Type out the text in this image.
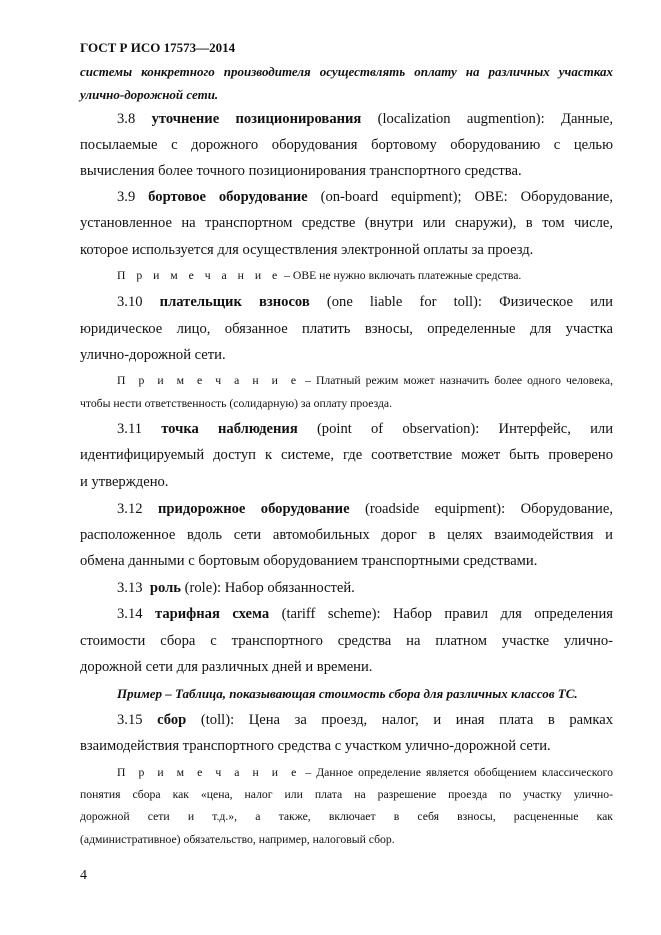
ГОСТ Р ИСО 17573—2014
системы конкретного производителя осуществлять оплату на различных участках
улично-дорожной сети.
3.8 уточнение позиционирования (localization augmention): Данные,
посылаемые с дорожного оборудования бортовому оборудованию с целью
вычисления более точного позиционирования транспортного средства.
3.9 бортовое оборудование (on-board equipment); OBE: Оборудование,
установленное на транспортном средстве (внутри или снаружи), в том числе,
которое используется для осуществления электронной оплаты за проезд.
П р и м е ч а н и е – OBE не нужно включать платежные средства.
3.10 плательщик взносов (one liable for toll): Физическое или
юридическое лицо, обязанное платить взносы, определенные для участка
улично-дорожной сети.
П р и м е ч а н и е – Платный режим может назначить более одного человека,
чтобы нести ответственность (солидарную) за оплату проезда.
3.11 точка наблюдения (point of observation): Интерфейс, или
идентифицируемый доступ к системе, где соответствие может быть проверено
и утверждено.
3.12 придорожное оборудование (roadside equipment): Оборудование,
расположенное вдоль сети автомобильных дорог в целях взаимодействия и
обмена данными с бортовым оборудованием транспортными средствами.
3.13 роль (role): Набор обязанностей.
3.14 тарифная схема (tariff scheme): Набор правил для определения
стоимости сбора с транспортного средства на платном участке улично-
дорожной сети для различных дней и времени.
Пример – Таблица, показывающая стоимость сбора для различных классов ТС.
3.15 сбор (toll): Цена за проезд, налог, и иная плата в рамках
взаимодействия транспортного средства с участком улично-дорожной сети.
П р и м е ч а н и е – Данное определение является обобщением классического
понятия сбора как «цена, налог или плата на разрешение проезда по участку улично-
дорожной сети и т.д.», а также, включает в себя взносы, расцененные как
(административное) обязательство, например, налоговый сбор.
4
